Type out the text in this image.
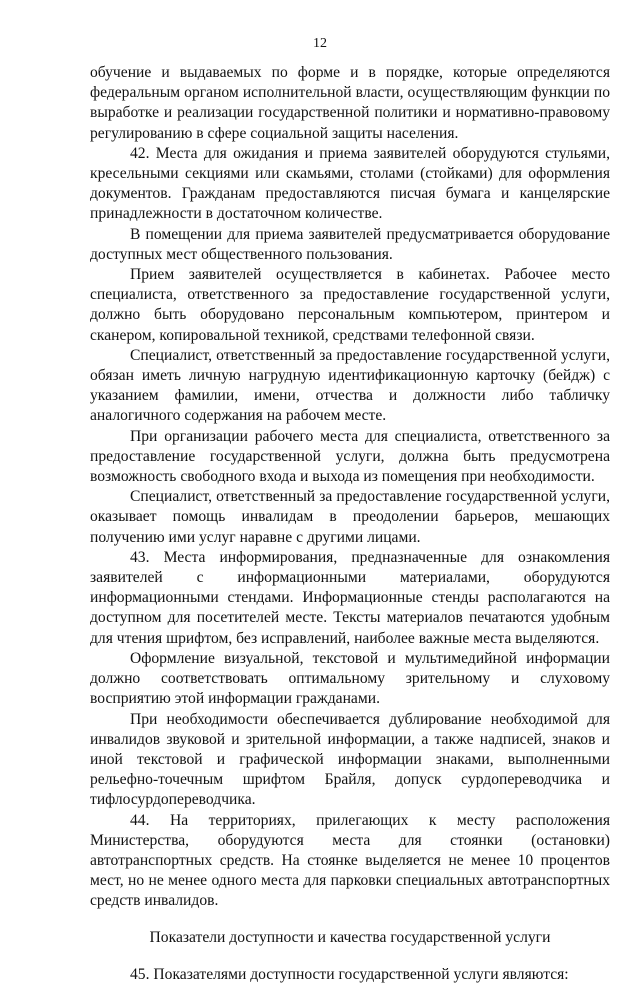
12

обучение и выдаваемых по форме и в порядке, которые определяются федеральным органом исполнительной власти, осуществляющим функции по выработке и реализации государственной политики и нормативно-правовому регулированию в сфере социальной защиты населения.

42. Места для ожидания и приема заявителей оборудуются стульями, кресельными секциями или скамьями, столами (стойками) для оформления документов. Гражданам предоставляются писчая бумага и канцелярские принадлежности в достаточном количестве.

В помещении для приема заявителей предусматривается оборудование доступных мест общественного пользования.

Прием заявителей осуществляется в кабинетах. Рабочее место специалиста, ответственного за предоставление государственной услуги, должно быть оборудовано персональным компьютером, принтером и сканером, копировальной техникой, средствами телефонной связи.

Специалист, ответственный за предоставление государственной услуги, обязан иметь личную нагрудную идентификационную карточку (бейдж) с указанием фамилии, имени, отчества и должности либо табличку аналогичного содержания на рабочем месте.

При организации рабочего места для специалиста, ответственного за предоставление государственной услуги, должна быть предусмотрена возможность свободного входа и выхода из помещения при необходимости.

Специалист, ответственный за предоставление государственной услуги, оказывает помощь инвалидам в преодолении барьеров, мешающих получению ими услуг наравне с другими лицами.

43. Места информирования, предназначенные для ознакомления заявителей с информационными материалами, оборудуются информационными стендами. Информационные стенды располагаются на доступном для посетителей месте. Тексты материалов печатаются удобным для чтения шрифтом, без исправлений, наиболее важные места выделяются.

Оформление визуальной, текстовой и мультимедийной информации должно соответствовать оптимальному зрительному и слуховому восприятию этой информации гражданами.

При необходимости обеспечивается дублирование необходимой для инвалидов звуковой и зрительной информации, а также надписей, знаков и иной текстовой и графической информации знаками, выполненными рельефно-точечным шрифтом Брайля, допуск сурдопереводчика и тифлосурдопереводчика.

44. На территориях, прилегающих к месту расположения Министерства, оборудуются места для стоянки (остановки) автотранспортных средств. На стоянке выделяется не менее 10 процентов мест, но не менее одного места для парковки специальных автотранспортных средств инвалидов.

Показатели доступности и качества государственной услуги

45. Показателями доступности государственной услуги являются:
